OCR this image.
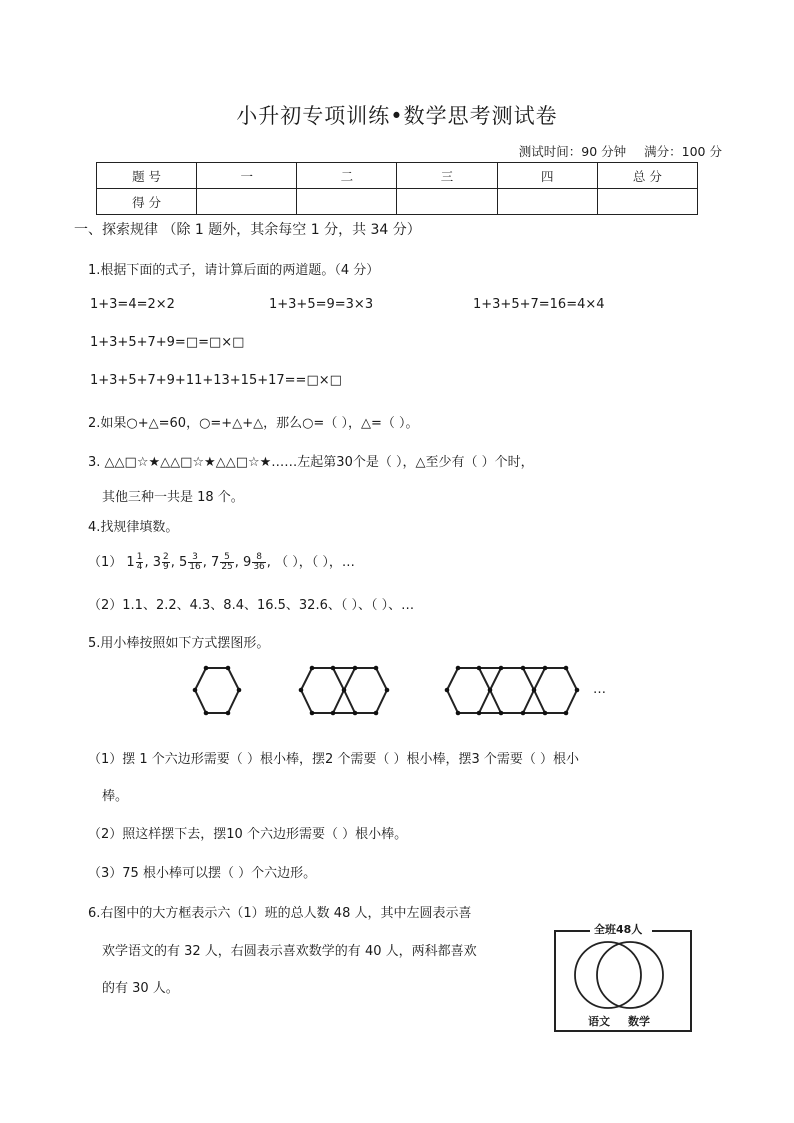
小升初专项训练•数学思考测试卷
测试时间：90 分钟 满分：100 分
题 号	一	二	三	四	总 分
得 分					
一、探索规律 （除 1 题外，其余每空 1 分，共 34 分）
1.根据下面的式子，请计算后面的两道题。（4 分）
1+3=4=2×2	1+3+5=9=3×3	1+3+5+7=16=4×4
1+3+5+7+9=□=□×□
1+3+5+7+9+11+13+15+17==□×□
2.如果○+△=60，○=+△+△，那么○=（ ），△=（ ）。
3. △△□☆★△△□☆★△△□☆★……左起第30个是（ ），△至少有（ ）个时，
其他三种一共是 18 个。
4.找规律填数。
（1） $1 \frac{1}{4}$ , $3 \frac{2}{9}$ , $5 \frac{3}{16}$ , $7 \frac{5}{25}$ , $9 \frac{8}{36}$ , （ ），（ ），…
（2）1.1、2.2、4.3、8.4、16.5、32.6、（ ）、（ ）、…
5.用小棒按照如下方式摆图形。
…
（1）摆 1 个六边形需要（ ）根小棒，摆2 个需要（ ）根小棒，摆3 个需要（ ）根小
棒。
（2）照这样摆下去，摆10 个六边形需要（ ）根小棒。
（3）75 根小棒可以摆（ ）个六边形。
6.右图中的大方框表示六（1）班的总人数 48 人，其中左圆表示喜
欢学语文的有 32 人，右圆表示喜欢数学的有 40 人，两科都喜欢
的有 30 人。
全班48人
语文 数学
